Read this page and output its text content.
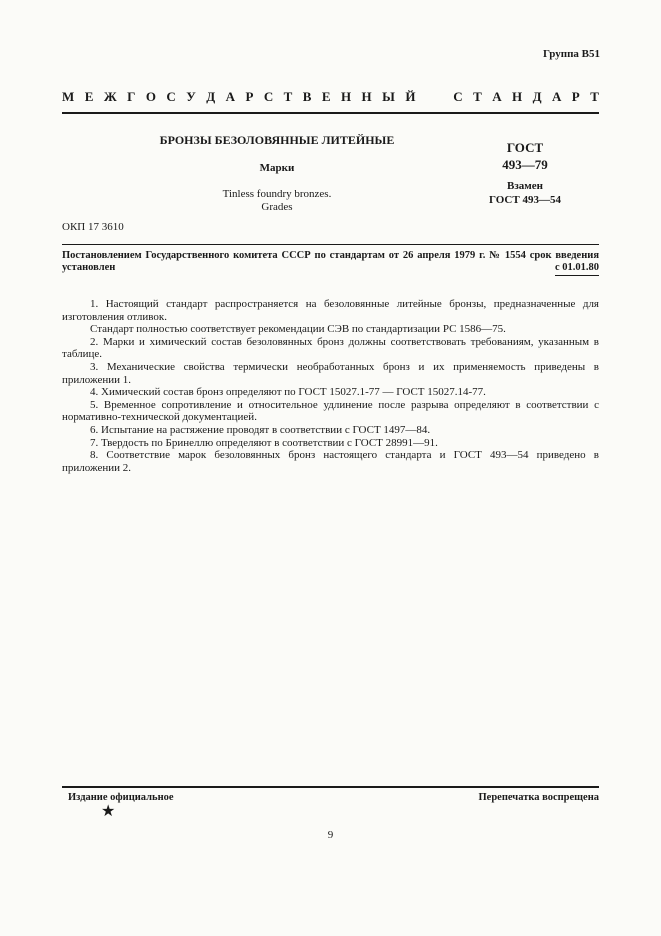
Группа В51
М Е Ж Г О С У Д А Р С Т В Е Н Н Ы Й

	С Т А Н Д А Р Т
БРОНЗЫ БЕЗОЛОВЯННЫЕ ЛИТЕЙНЫЕ
Марки
Tinless foundry bronzes.
Grades
ГОСТ
493—79
Взамен
ГОСТ 493—54
ОКП 17 3610
Постановлением Государственного комитета СССР по стандартам от 26 апреля 1979 г. № 1554 срок введения
установлен	с 01.01.80

1. Настоящий стандарт распространяется на безоловянные литейные бронзы, предназначенные для изготовления отливок.

Стандарт полностью соответствует рекомендации СЭВ по стандартизации РС 1586—75.

2. Марки и химический состав безоловянных бронз должны соответствовать требованиям, указанным в таблице.

3. Механические свойства термически необработанных бронз и их применяемость приведены в приложении 1.

4. Химический состав бронз определяют по ГОСТ 15027.1-77 — ГОСТ 15027.14-77.

5. Временное сопротивление и относительное удлинение после разрыва определяют в соответствии с нормативно-технической документацией.

6. Испытание на растяжение проводят в соответствии с ГОСТ 1497—84.

7. Твердость по Бринеллю определяют в соответствии с ГОСТ 28991—91.

8. Соответствие марок безоловянных бронз настоящего стандарта и ГОСТ 493—54 приведено в приложении 2.

Издание официальное	Перепечатка воспрещена
★
9
